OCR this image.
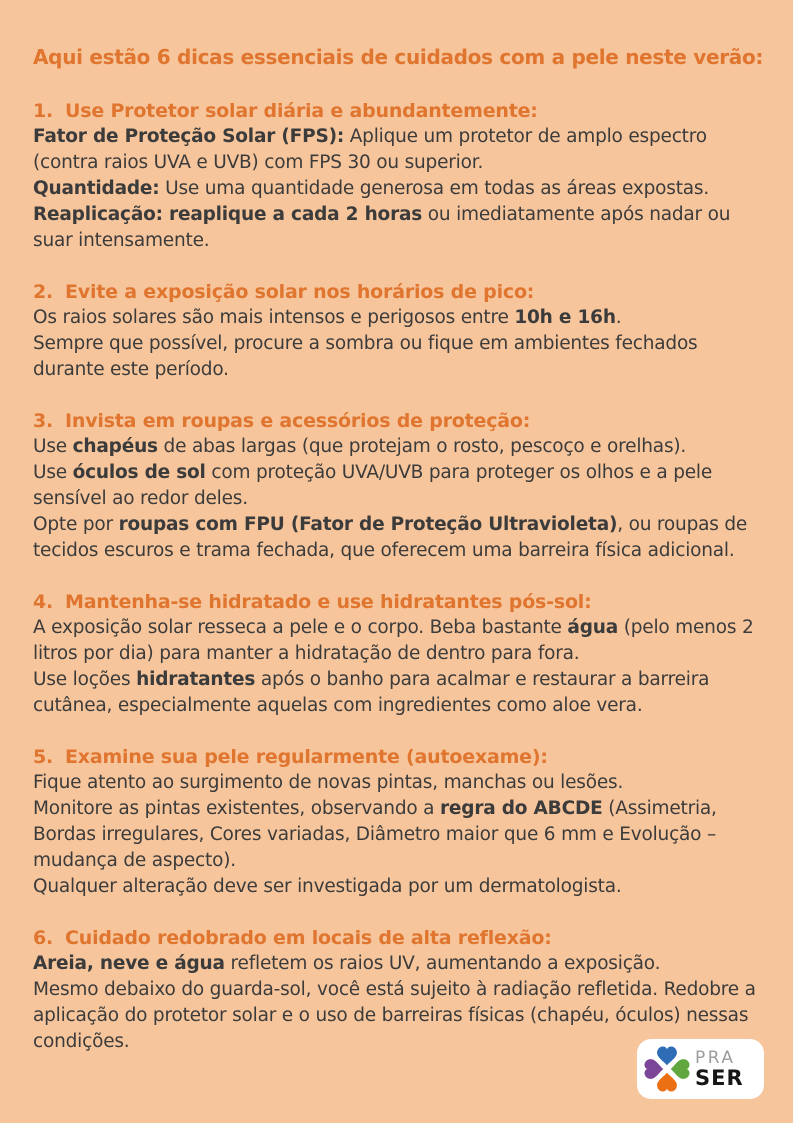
Aqui estão 6 dicas essenciais de cuidados com a pele neste verão:
1. Use Protetor solar diária e abundantemente:

Fator de Proteção Solar (FPS): Aplique um protetor de amplo espectro (contra raios UVA e UVB) com FPS 30 ou superior.

Quantidade: Use uma quantidade generosa em todas as áreas expostas.

Reaplicação: reaplique a cada 2 horas ou imediatamente após nadar ou suar intensamente.

2. Evite a exposição solar nos horários de pico:

Os raios solares são mais intensos e perigosos entre 10h e 16h.

Sempre que possível, procure a sombra ou fique em ambientes fechados durante este período.

3. Invista em roupas e acessórios de proteção:

Use chapéus de abas largas (que protejam o rosto, pescoço e orelhas).

Use óculos de sol com proteção UVA/UVB para proteger os olhos e a pele sensível ao redor deles.

Opte por roupas com FPU (Fator de Proteção Ultravioleta), ou roupas de tecidos escuros e trama fechada, que oferecem uma barreira física adicional.

4. Mantenha-se hidratado e use hidratantes pós-sol:

A exposição solar resseca a pele e o corpo. Beba bastante água (pelo menos 2 litros por dia) para manter a hidratação de dentro para fora.

Use loções hidratantes após o banho para acalmar e restaurar a barreira cutânea, especialmente aquelas com ingredientes como aloe vera.

5. Examine sua pele regularmente (autoexame):

Fique atento ao surgimento de novas pintas, manchas ou lesões.

Monitore as pintas existentes, observando a regra do ABCDE (Assimetria, Bordas irregulares, Cores variadas, Diâmetro maior que 6 mm e Evolução – mudança de aspecto).

Qualquer alteração deve ser investigada por um dermatologista.

6. Cuidado redobrado em locais de alta reflexão:

Areia, neve e água refletem os raios UV, aumentando a exposição.

Mesmo debaixo do guarda-sol, você está sujeito à radiação refletida. Redobre a aplicação do protetor solar e o uso de barreiras físicas (chapéu, óculos) nessas condições.

PRA
SER
